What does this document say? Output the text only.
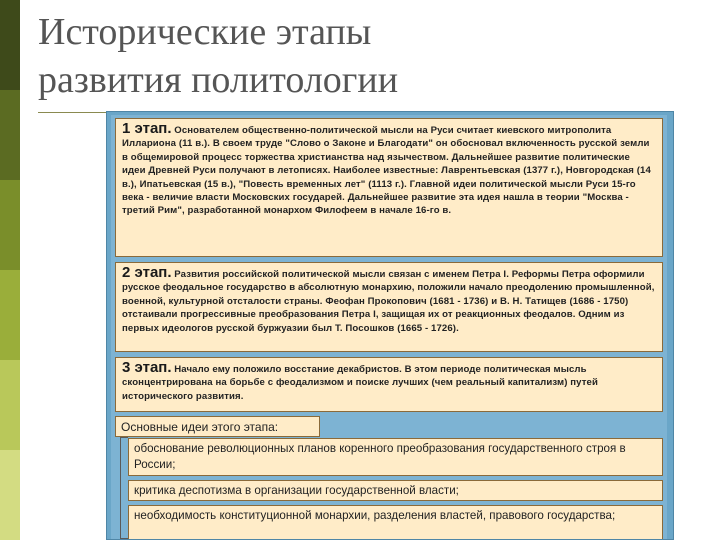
Исторические этапы
развития политологии
1 этап. Основателем общественно-политической мысли на Руси считает киевского митрополита Иллариона (11 в.). В своем труде "Слово о Законе и Благодати" он обосновал включенность русской земли в общемировой процесс торжества христианства над язычеством. Дальнейшее развитие политические идеи Древней Руси получают в летописях. Наиболее известные: Лаврентьевская (1377 г.), Новгородская (14 в.), Ипатьевская (15 в.), "Повесть временных лет" (1113 г.). Главной идеи политической мысли Руси 15-го века - величие власти Московских государей. Дальнейшее развитие эта идея нашла в теории "Москва - третий Рим", разработанной монархом Филофеем в начале 16-го в.
2 этап. Развития российской политической мысли связан с именем Петра I. Реформы Петра оформили русское феодальное государство в абсолютную монархию, положили начало преодолению промышленной, военной, культурной отсталости страны. Феофан Прокопович (1681 - 1736) и В. Н. Татищев (1686 - 1750) отстаивали прогрессивные преобразования Петра I, защищая их от реакционных феодалов. Одним из первых идеологов русской буржуазии был Т. Посошков (1665 - 1726).
3 этап. Начало ему положило восстание декабристов. В этом периоде политическая мысль сконцентрирована на борьбе с феодализмом и поиске лучших (чем реальный капитализм) путей исторического развития.
Основные идеи этого этапа:
обоснование революционных планов коренного преобразования государственного строя в России;
критика деспотизма в организации государственной власти;
необходимость конституционной монархии, разделения властей, правового государства;
